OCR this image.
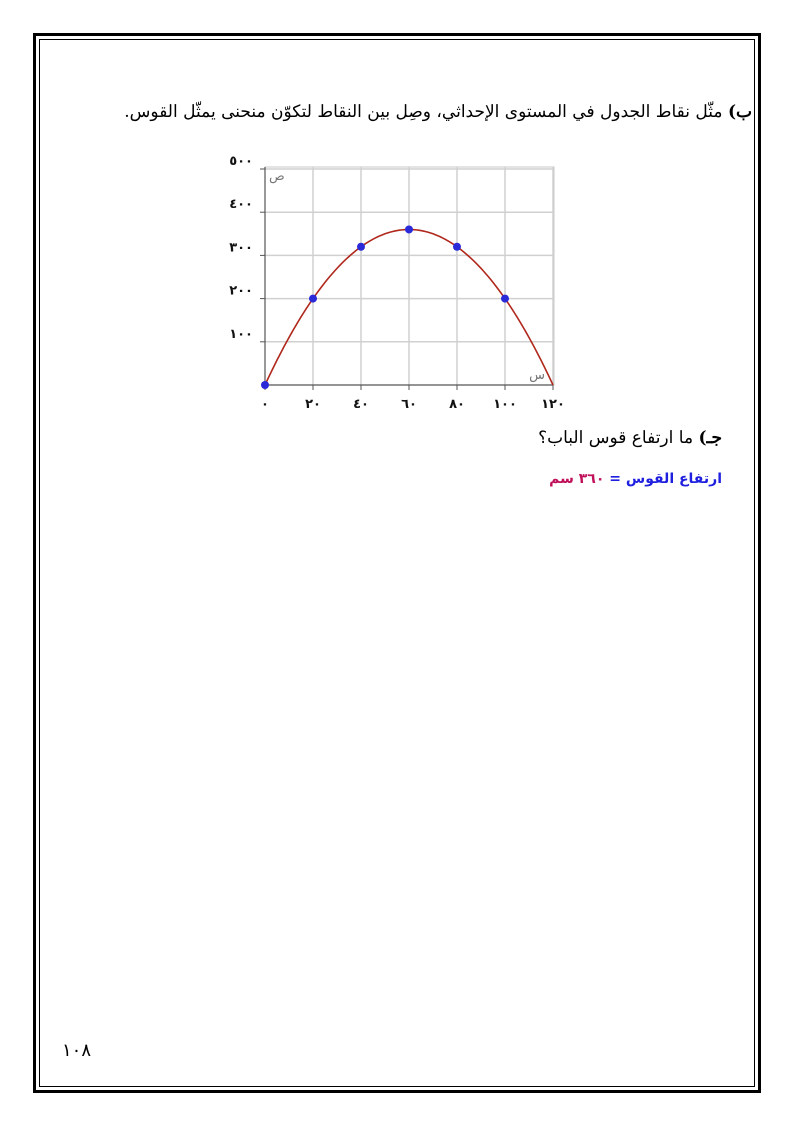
ب) مثّل نقاط الجدول في المستوى الإحداثي، وصِل بين النقاط لتكوّن منحنى يمثّل القوس.
٠	٢٠ ٤٠ ٦٠ ٨٠ ١٠٠ ١٢٠
١٠٠
٢٠٠
٣٠٠
٤٠٠
٥٠٠
س
ص
جـ) ما ارتفاع قوس الباب؟
ارتفاع القوس = ٣٦٠ سم
١٠٨
